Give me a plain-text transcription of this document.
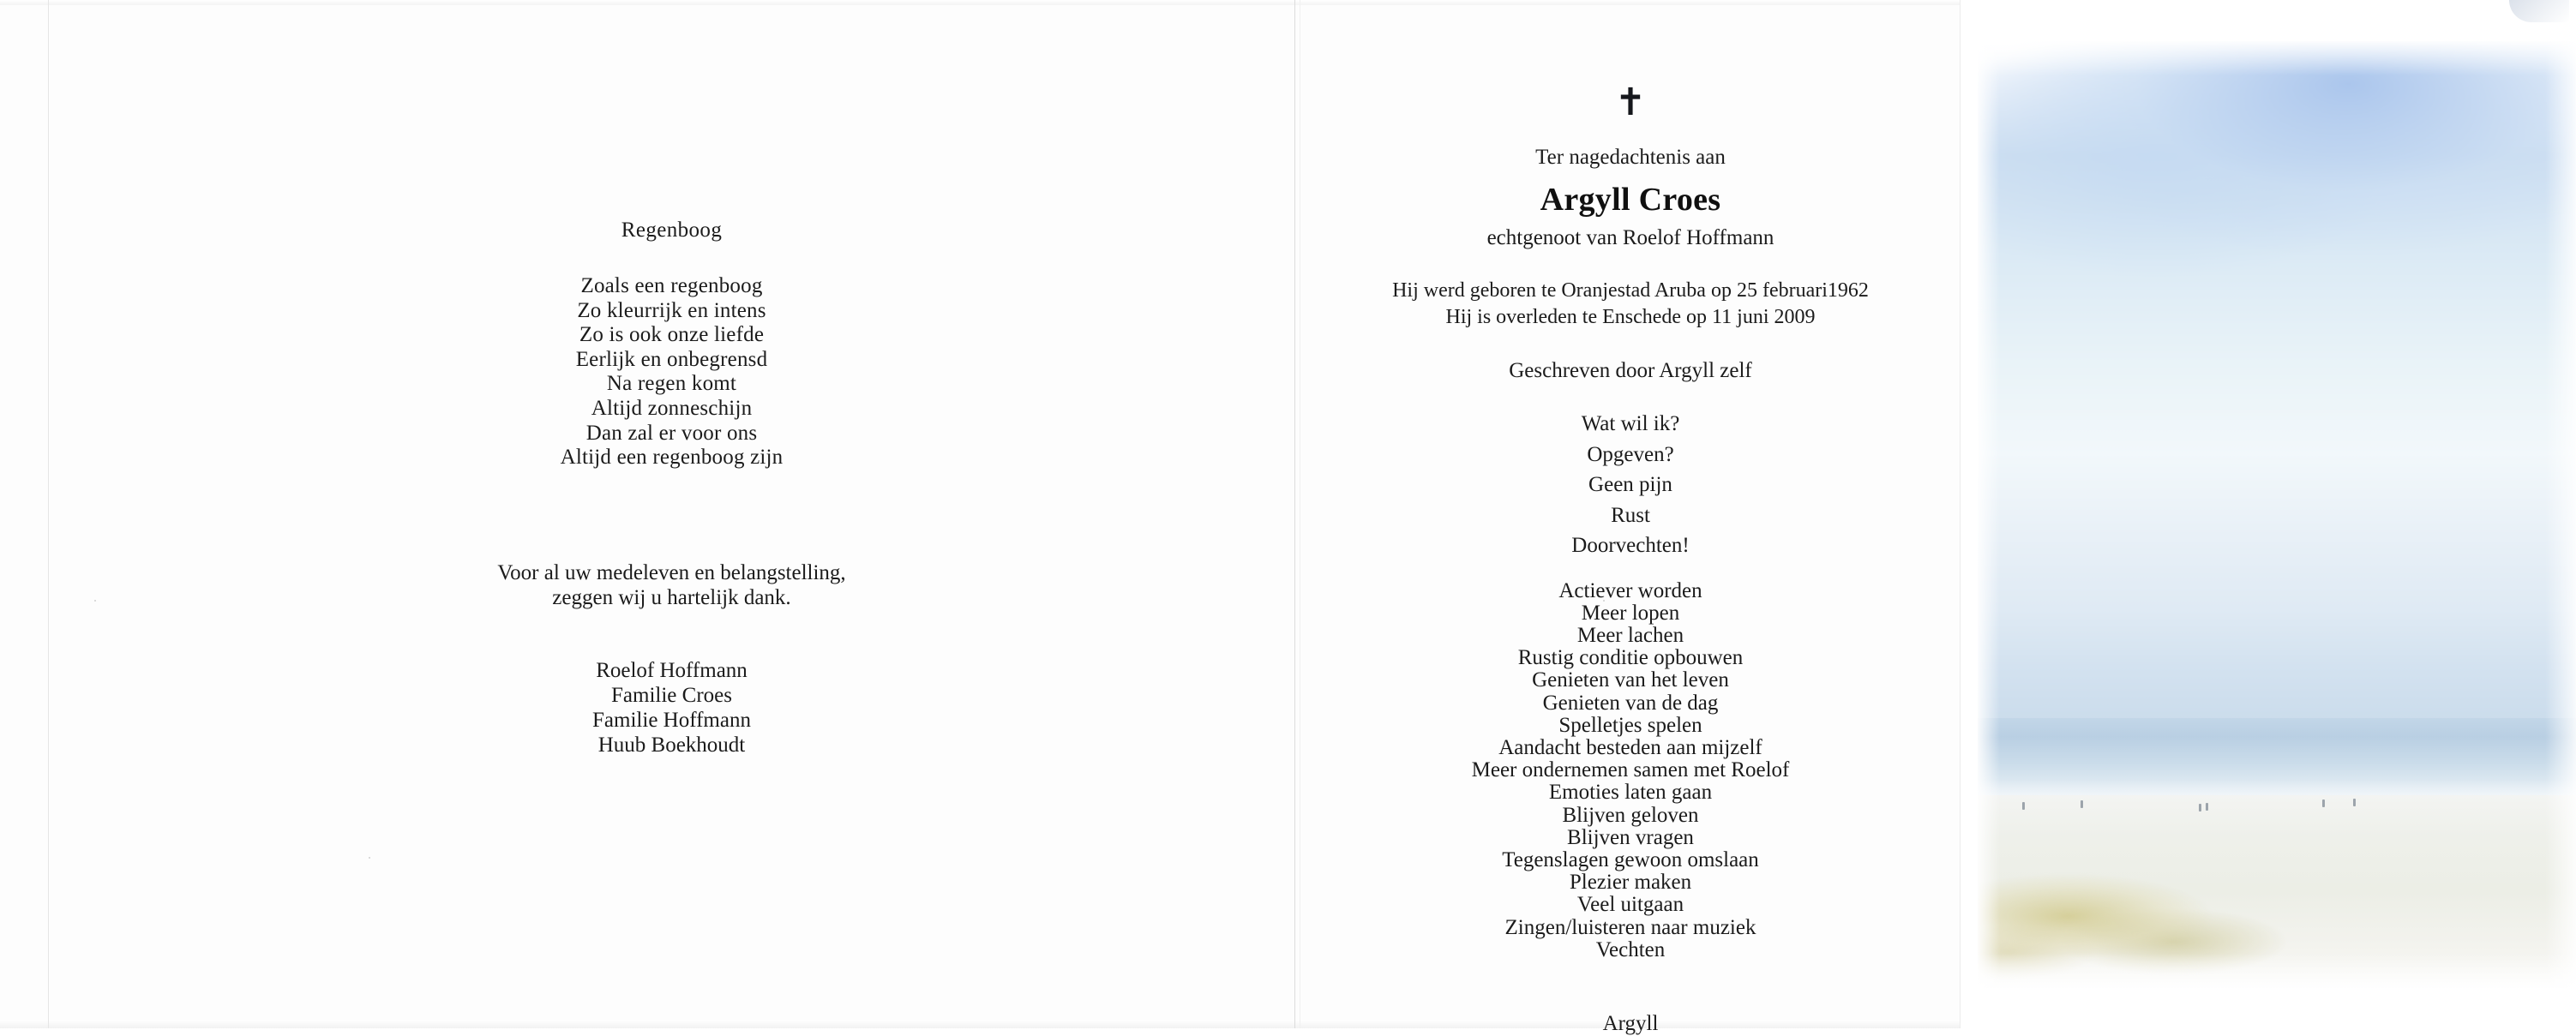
Regenboog
Zoals een regenboog
Zo kleurrijk en intens
Zo is ook onze liefde
Eerlijk en onbegrensd
Na regen komt
Altijd zonneschijn
Dan zal er voor ons
Altijd een regenboog zijn
Voor al uw medeleven en belangstelling,
zeggen wij u hartelijk dank.
Roelof Hoffmann
Familie Croes
Familie Hoffmann
Huub Boekhoudt
✝
Ter nagedachtenis aan
Argyll Croes
echtgenoot van Roelof Hoffmann
Hij werd geboren te Oranjestad Aruba op 25 februari1962
Hij is overleden te Enschede op 11 juni 2009
Geschreven door Argyll zelf
Wat wil ik?
Opgeven?
Geen pijn
Rust
Doorvechten!
Actiever worden
Meer lopen
Meer lachen
Rustig conditie opbouwen
Genieten van het leven
Genieten van de dag
Spelletjes spelen
Aandacht besteden aan mijzelf
Meer ondernemen samen met Roelof
Emoties laten gaan
Blijven geloven
Blijven vragen
Tegenslagen gewoon omslaan
Plezier maken
Veel uitgaan
Zingen/luisteren naar muziek
Vechten
Argyll
